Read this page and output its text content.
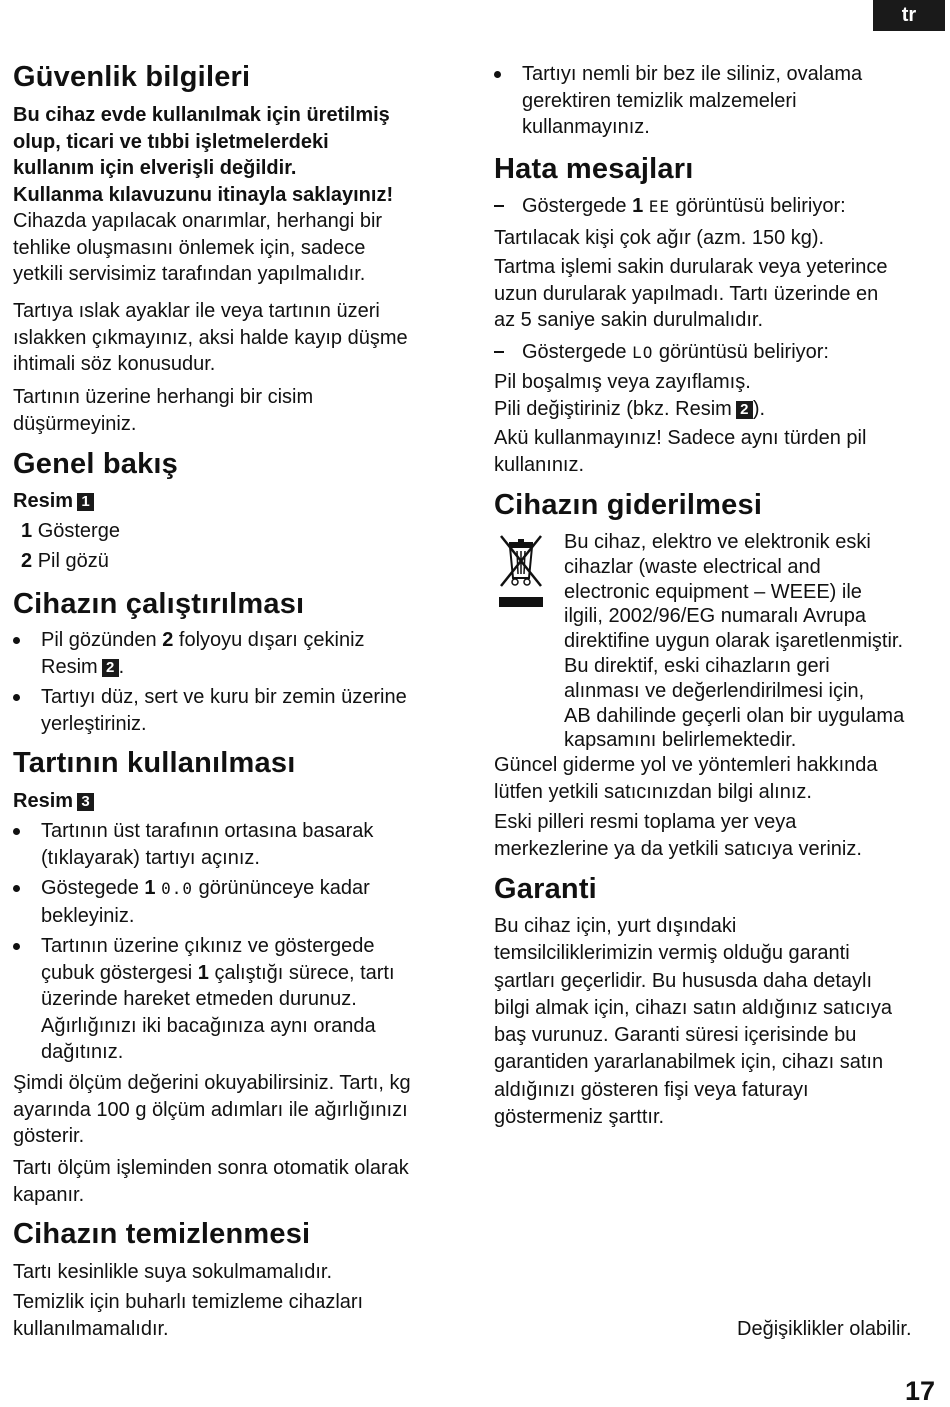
tr
Güvenlik bilgileri

Bu cihaz evde kullanılmak için üretilmiş

olup, ticari ve tıbbi işletmelerdeki

kullanım için elverişli değildir.

Kullanma kılavuzunu itinayla saklayınız!

Cihazda yapılacak onarımlar, herhangi bir

tehlike oluşmasını önlemek için, sadece

yetkili servisimiz tarafından yapılmalıdır.

Tartıya ıslak ayaklar ile veya tartının üzeri

ıslakken çıkmayınız, aksi halde kayıp düşme

ihtimali söz konusudur.

Tartının üzerine herhangi bir cisim

düşürmeyiniz.

Genel bakış
Resim 1

1 Gösterge

2 Pil gözü

Cihazın çalıştırılması
Pil gözünden 2 folyoyu dışarı çekiniz
Resim 2 .
Tartıyı düz, sert ve kuru bir zemin üzerine
yerleştiriniz.
Tartının kullanılması
Resim 3
Tartının üst tarafının ortasına basarak
(tıklayarak) tartıyı açınız.
Göstegede 1 0.0 görününceye kadar
bekleyiniz.
Tartının üzerine çıkınız ve göstergede
çubuk göstergesi 1 çalıştığı sürece, tartı
üzerinde hareket etmeden durunuz.
Ağırlığınızı iki bacağınıza aynı oranda
dağıtınız.

Şimdi ölçüm değerini okuyabilirsiniz. Tartı, kg

ayarında 100 g ölçüm adımları ile ağırlığınızı

gösterir.

Tartı ölçüm işleminden sonra otomatik olarak

kapanır.

Cihazın temizlenmesi

Tartı kesinlikle suya sokulmamalıdır.

Temizlik için buharlı temizleme cihazları

kullanılmamalıdır.

Tartıyı nemli bir bez ile siliniz, ovalama
gerektiren temizlik malzemeleri
kullanmayınız.
Hata mesajları
Göstergede 1 EE görüntüsü beliriyor:

Tartılacak kişi çok ağır (azm. 150 kg).

Tartma işlemi sakin durularak veya yeterince

uzun durularak yapılmadı. Tartı üzerinde en

az 5 saniye sakin durulmalıdır.

Göstergede LO görüntüsü beliriyor:

Pil boşalmış veya zayıflamış.

Pili değiştiriniz (bkz. Resim 2 ).

Akü kullanmayınız! Sadece aynı türden pil

kullanınız.

Cihazın giderilmesi

Bu cihaz, elektro ve elektronik eski

cihazlar (waste electrical and

electronic equipment – WEEE) ile

ilgili, 2002/96/EG numaralı Avrupa

direktifine uygun olarak işaretlenmiştir.

Bu direktif, eski cihazların geri

alınması ve değerlendirilmesi için,

AB dahilinde geçerli olan bir uygulama

kapsamını belirlemektedir.

Güncel giderme yol ve yöntemleri hakkında

lütfen yetkili satıcınızdan bilgi alınız.

Eski pilleri resmi toplama yer veya

merkezlerine ya da yetkili satıcıya veriniz.

Garanti

Bu cihaz için, yurt dışındaki

temsilciliklerimizin vermiş olduğu garanti

şartları geçerlidir. Bu hususda daha detaylı

bilgi almak için, cihazı satın aldığınız satıcıya

baş vurunuz. Garanti süresi içerisinde bu

garantiden yararlanabilmek için, cihazı satın

aldığınızı gösteren fişi veya faturayı

göstermeniz şarttır.

Değişiklikler olabilir.
17
